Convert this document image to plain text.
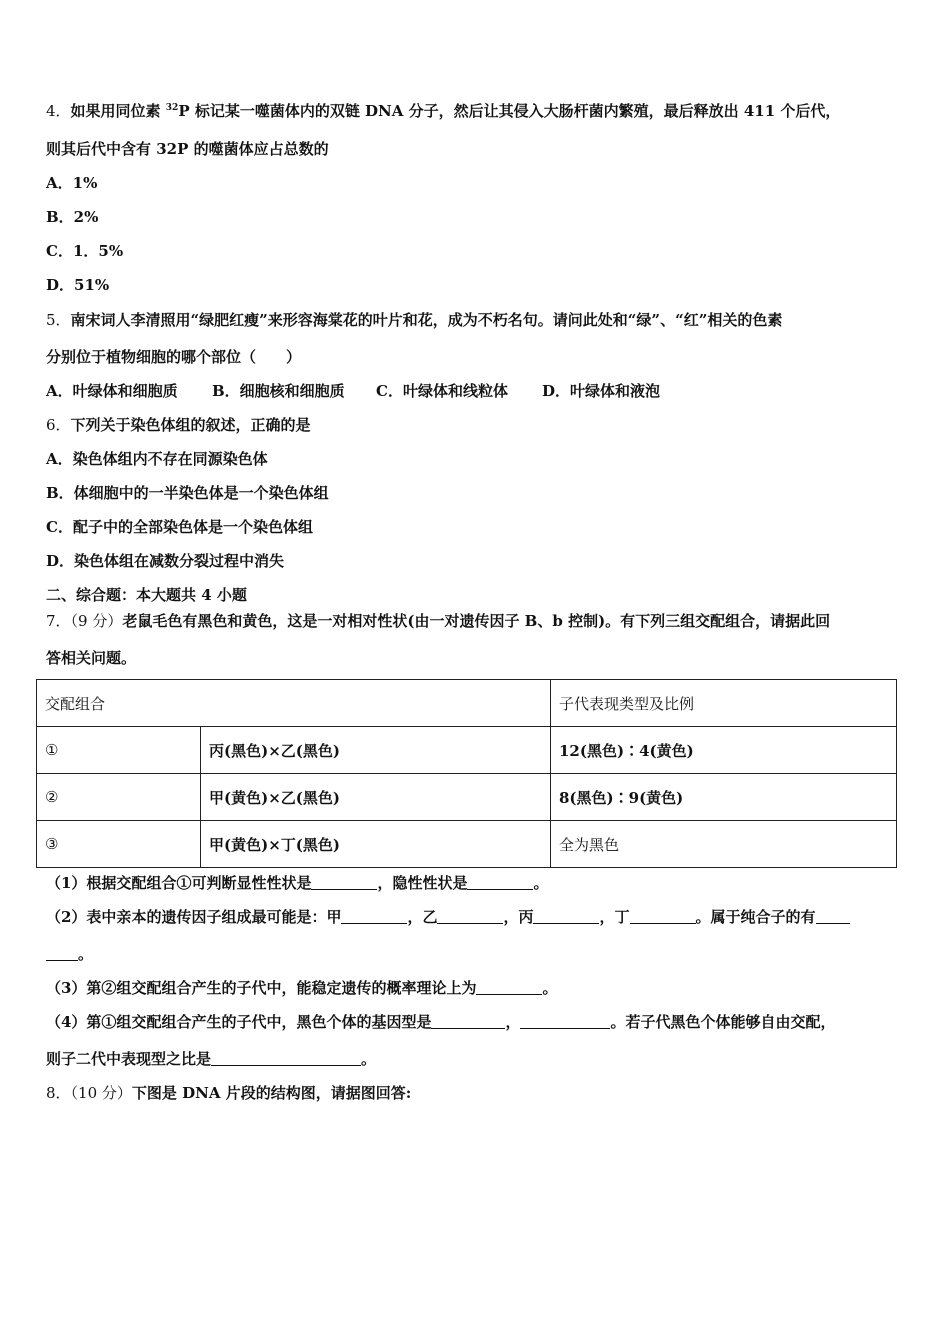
4．如果用同位素 $^{32}$P 标记某一噬菌体内的双链 DNA 分子，然后让其侵入大肠杆菌内繁殖，最后释放出 411 个后代，
则其后代中含有 32P 的噬菌体应占总数的
A．1%
B．2%
C．1．5%
D．51%
5．南宋词人李清照用“绿肥红瘦”来形容海棠花的叶片和花，成为不朽名句。请问此处和“绿”、“红”相关的色素
分别位于植物细胞的哪个部位（　　）
A．叶绿体和细胞质 B．细胞核和细胞质 C．叶绿体和线粒体 D．叶绿体和液泡
6．下列关于染色体组的叙述，正确的是
A．染色体组内不存在同源染色体
B．体细胞中的一半染色体是一个染色体组
C．配子中的全部染色体是一个染色体组
D．染色体组在减数分裂过程中消失
二、综合题：本大题共 4 小题
7．（9 分）老鼠毛色有黑色和黄色，这是一对相对性状(由一对遗传因子 B、b 控制)。有下列三组交配组合，请据此回
答相关问题。
交配组合		子代表现类型及比例
①	丙(黑色)×乙(黑色)	12(黑色)∶4(黄色)
②	甲(黄色)×乙(黑色)	8(黑色)∶9(黄色)
③	甲(黄色)×丁(黑色)	全为黑色
（1）根据交配组合①可判断显性性状是	，隐性性状是	。
（2）表中亲本的遗传因子组成最可能是：甲	，乙	，丙	，丁	。属于纯合子的有
。
（3）第②组交配组合产生的子代中，能稳定遗传的概率理论上为	。
（4）第①组交配组合产生的子代中，黑色个体的基因型是	，	。若子代黑色个体能够自由交配，
则子二代中表现型之比是	。
8．（10 分）下图是 DNA 片段的结构图，请据图回答:
